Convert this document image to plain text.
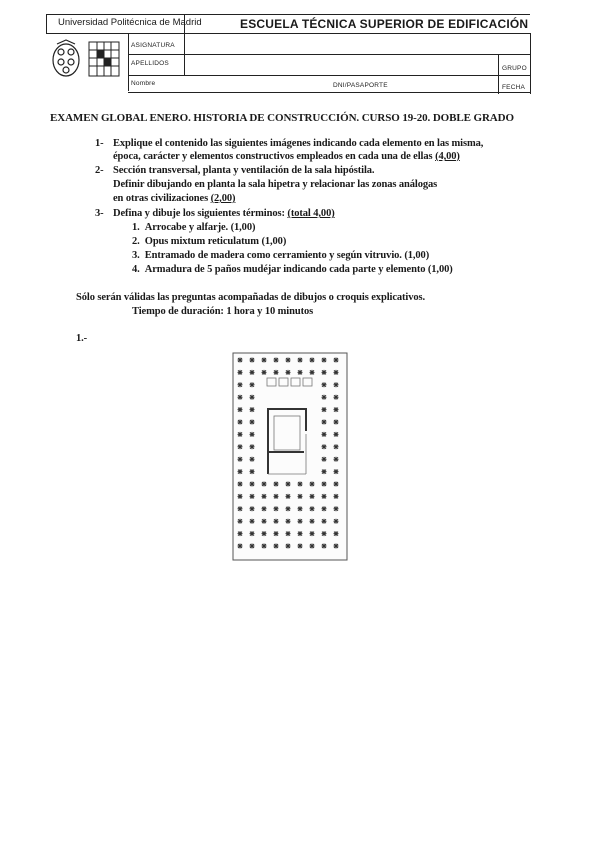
Universidad Politécnica de Madrid	ESCUELA TÉCNICA SUPERIOR DE EDIFICACIÓN
ASIGNATURA
APELLIDOS
GRUPO
Nombre	DNI/PASAPORTE	FECHA
EXAMEN GLOBAL ENERO. HISTORIA DE CONSTRUCCIÓN. CURSO 19-20. DOBLE GRADO
1- Explique el contenido las siguientes imágenes indicando cada elemento en las misma,
época, carácter y elementos constructivos empleados en cada una de ellas (4,00)
2- Sección transversal, planta y ventilación de la sala hipóstila.
Definir dibujando en planta la sala hipetra y relacionar las zonas análogas
en otras civilizaciones (2,00)
3- Defina y dibuje los siguientes términos: (total 4,00)
1. Arrocabe y alfarje. (1,00)
2. Opus mixtum reticulatum (1,00)
3. Entramado de madera como cerramiento y según vitruvio. (1,00)
4. Armadura de 5 paños mudéjar indicando cada parte y elemento (1,00)
Sólo serán válidas las preguntas acompañadas de dibujos o croquis explicativos.
Tiempo de duración: 1 hora y 10 minutos
1.-
